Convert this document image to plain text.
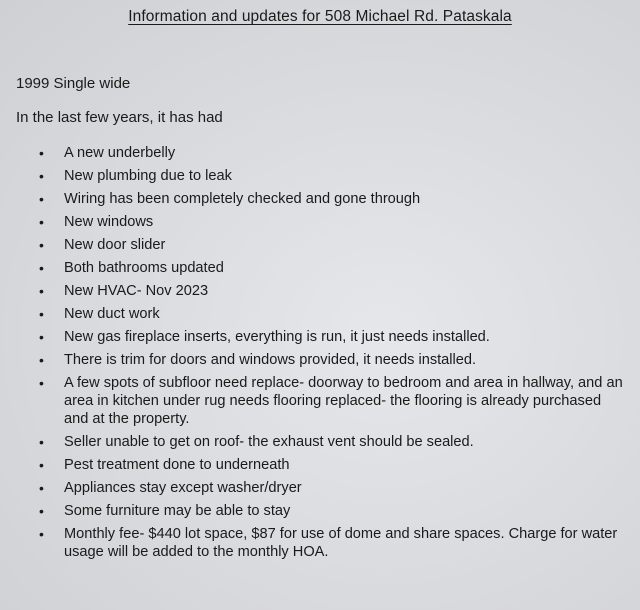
Information and updates for 508 Michael Rd. Pataskala
1999 Single wide
In the last few years, it has had
• A new underbelly
• New plumbing due to leak
• Wiring has been completely checked and gone through
• New windows
• New door slider
• Both bathrooms updated
• New HVAC- Nov 2023
• New duct work
• New gas fireplace inserts, everything is run, it just needs installed.
• There is trim for doors and windows provided, it needs installed.
• A few spots of subfloor need replace- doorway to bedroom and area in hallway, and an area in kitchen under rug needs flooring replaced- the flooring is already purchased and at the property.
• Seller unable to get on roof- the exhaust vent should be sealed.
• Pest treatment done to underneath
• Appliances stay except washer/dryer
• Some furniture may be able to stay
• Monthly fee- $440 lot space, $87 for use of dome and share spaces. Charge for water usage will be added to the monthly HOA.
